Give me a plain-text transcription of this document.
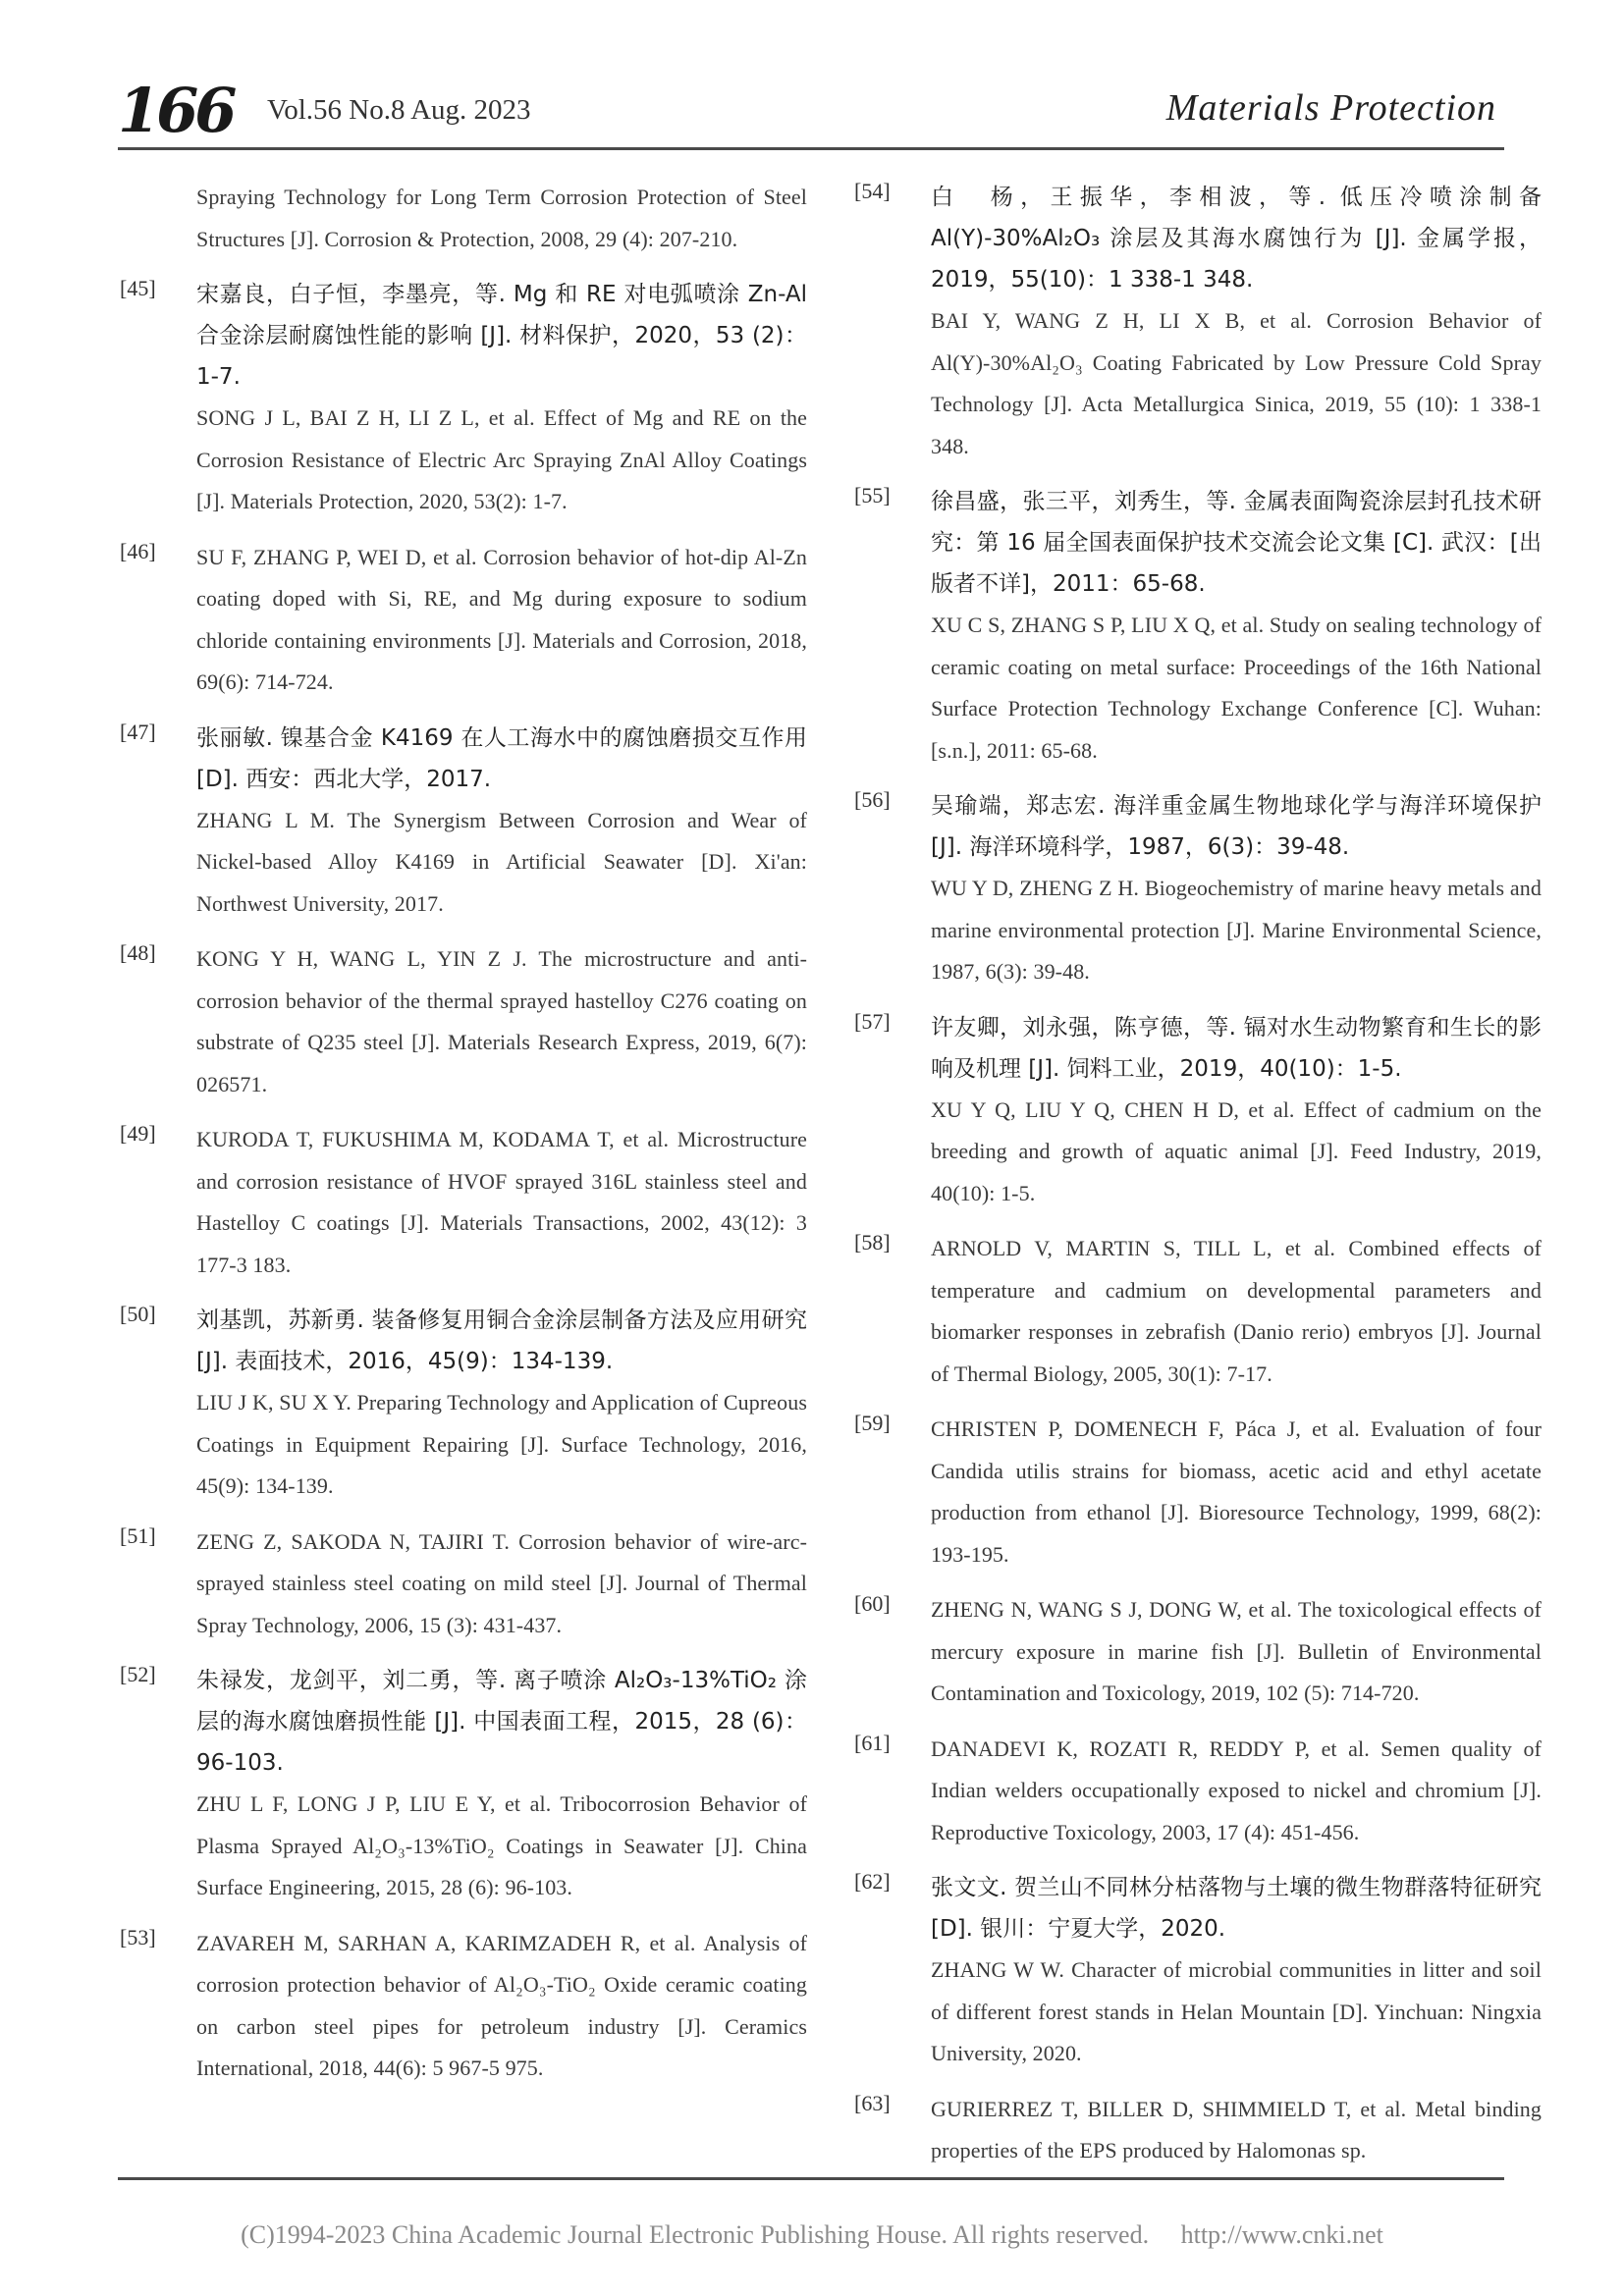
166 Vol.56 No.8 Aug. 2023	Materials Protection

Spraying Technology for Long Term Corrosion Protection of Steel Structures [J]. Corrosion & Protection, 2008, 29 (4): 207-210.

[45] 宋嘉良，白子恒，李墨亮，等. Mg 和 RE 对电弧喷涂 Zn-Al 合金涂层耐腐蚀性能的影响 [J]. 材料保护，2020，53 (2)：1-7.

SONG J L, BAI Z H, LI Z L, et al. Effect of Mg and RE on the Corrosion Resistance of Electric Arc Spraying ZnAl Alloy Coatings [J]. Materials Protection, 2020, 53(2): 1-7.

[46] SU F, ZHANG P, WEI D, et al. Corrosion behavior of hot-dip Al-Zn coating doped with Si, RE, and Mg during exposure to sodium chloride containing environments [J]. Materials and Corrosion, 2018, 69(6): 714-724.

[47] 张丽敏. 镍基合金 K4169 在人工海水中的腐蚀磨损交互作用 [D]. 西安：西北大学，2017.

ZHANG L M. The Synergism Between Corrosion and Wear of Nickel-based Alloy K4169 in Artificial Seawater [D]. Xi'an: Northwest University, 2017.

[48] KONG Y H, WANG L, YIN Z J. The microstructure and anti-corrosion behavior of the thermal sprayed hastelloy C276 coating on substrate of Q235 steel [J]. Materials Research Express, 2019, 6(7): 026571.

[49] KURODA T, FUKUSHIMA M, KODAMA T, et al. Microstructure and corrosion resistance of HVOF sprayed 316L stainless steel and Hastelloy C coatings [J]. Materials Transactions, 2002, 43(12): 3 177-3 183.

[50] 刘基凯，苏新勇. 装备修复用铜合金涂层制备方法及应用研究 [J]. 表面技术，2016，45(9)：134-139.

LIU J K, SU X Y. Preparing Technology and Application of Cupreous Coatings in Equipment Repairing [J]. Surface Technology, 2016, 45(9): 134-139.

[51] ZENG Z, SAKODA N, TAJIRI T. Corrosion behavior of wire-arc-sprayed stainless steel coating on mild steel [J]. Journal of Thermal Spray Technology, 2006, 15 (3): 431-437.

[52] 朱禄发，龙剑平，刘二勇，等. 离子喷涂 Al₂O₃-13%TiO₂ 涂层的海水腐蚀磨损性能 [J]. 中国表面工程，2015，28 (6)：96-103.

ZHU L F, LONG J P, LIU E Y, et al. Tribocorrosion Behavior of Plasma Sprayed Al₂O₃-13%TiO₂ Coatings in Seawater [J]. China Surface Engineering, 2015, 28 (6): 96-103.

[53] ZAVAREH M, SARHAN A, KARIMZADEH R, et al. Analysis of corrosion protection behavior of Al₂O₃-TiO₂ Oxide ceramic coating on carbon steel pipes for petroleum industry [J]. Ceramics International, 2018, 44(6): 5 967-5 975.

[54] 白　杨，王振华，李相波，等. 低压冷喷涂制备 Al(Y)-30%Al₂O₃ 涂层及其海水腐蚀行为 [J]. 金属学报，2019，55(10)：1 338-1 348.

BAI Y, WANG Z H, LI X B, et al. Corrosion Behavior of Al(Y)-30%Al₂O₃ Coating Fabricated by Low Pressure Cold Spray Technology [J]. Acta Metallurgica Sinica, 2019, 55 (10): 1 338-1 348.

[55] 徐昌盛，张三平，刘秀生，等. 金属表面陶瓷涂层封孔技术研究：第 16 届全国表面保护技术交流会论文集 [C]. 武汉：[出版者不详]，2011：65-68.

XU C S, ZHANG S P, LIU X Q, et al. Study on sealing technology of ceramic coating on metal surface: Proceedings of the 16th National Surface Protection Technology Exchange Conference [C]. Wuhan: [s.n.], 2011: 65-68.

[56] 吴瑜端，郑志宏. 海洋重金属生物地球化学与海洋环境保护 [J]. 海洋环境科学，1987，6(3)：39-48.

WU Y D, ZHENG Z H. Biogeochemistry of marine heavy metals and marine environmental protection [J]. Marine Environmental Science, 1987, 6(3): 39-48.

[57] 许友卿，刘永强，陈亨德，等. 镉对水生动物繁育和生长的影响及机理 [J]. 饲料工业，2019，40(10)：1-5.

XU Y Q, LIU Y Q, CHEN H D, et al. Effect of cadmium on the breeding and growth of aquatic animal [J]. Feed Industry, 2019, 40(10): 1-5.

[58] ARNOLD V, MARTIN S, TILL L, et al. Combined effects of temperature and cadmium on developmental parameters and biomarker responses in zebrafish (Danio rerio) embryos [J]. Journal of Thermal Biology, 2005, 30(1): 7-17.

[59] CHRISTEN P, DOMENECH F, Páca J, et al. Evaluation of four Candida utilis strains for biomass, acetic acid and ethyl acetate production from ethanol [J]. Bioresource Technology, 1999, 68(2): 193-195.

[60] ZHENG N, WANG S J, DONG W, et al. The toxicological effects of mercury exposure in marine fish [J]. Bulletin of Environmental Contamination and Toxicology, 2019, 102 (5): 714-720.

[61] DANADEVI K, ROZATI R, REDDY P, et al. Semen quality of Indian welders occupationally exposed to nickel and chromium [J]. Reproductive Toxicology, 2003, 17 (4): 451-456.

[62] 张文文. 贺兰山不同林分枯落物与土壤的微生物群落特征研究 [D]. 银川：宁夏大学，2020.

ZHANG W W. Character of microbial communities in litter and soil of different forest stands in Helan Mountain [D]. Yinchuan: Ningxia University, 2020.

[63] GURIERREZ T, BILLER D, SHIMMIELD T, et al. Metal binding properties of the EPS produced by Halomonas sp.

(C)1994-2023 China Academic Journal Electronic Publishing House. All rights reserved. http://www.cnki.net
